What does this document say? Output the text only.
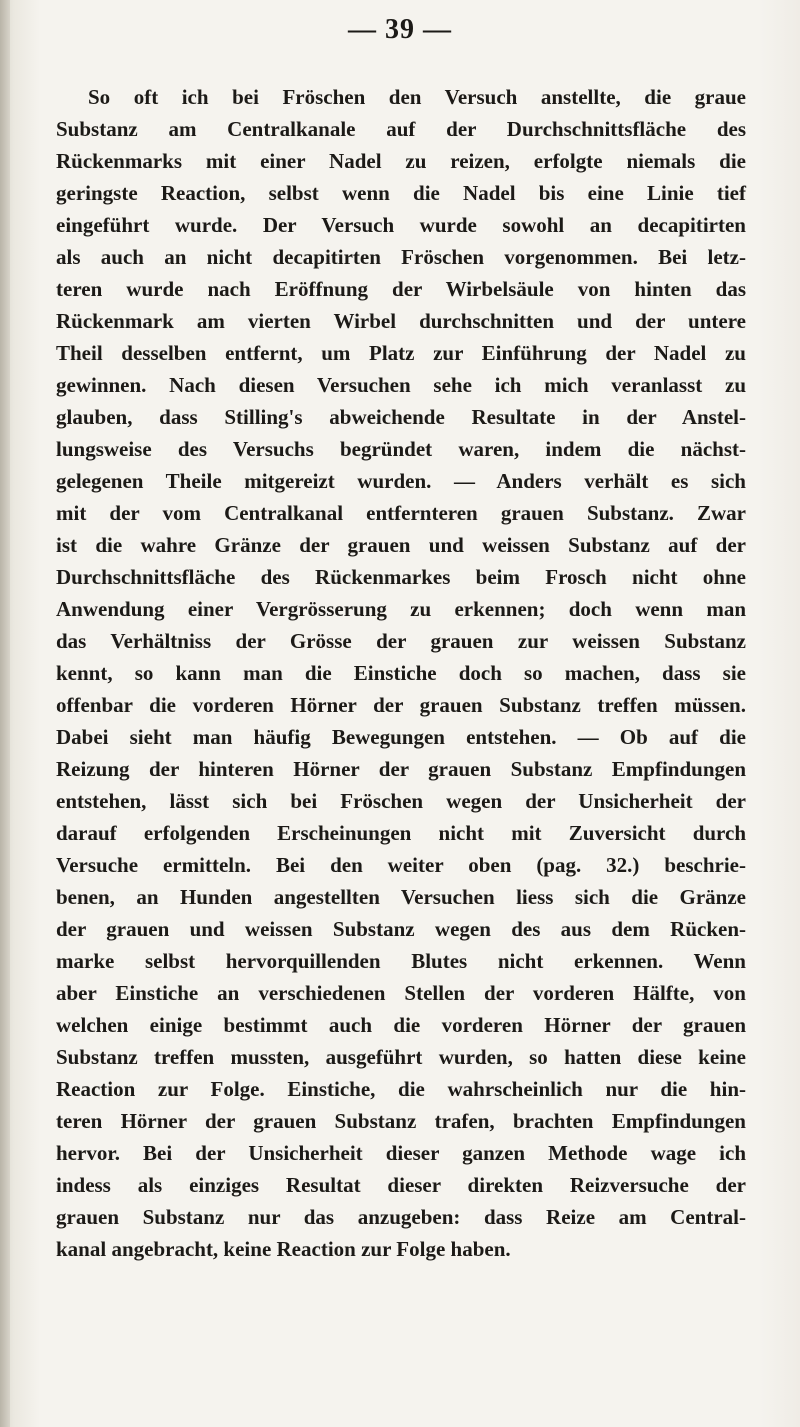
— 39 —
So oft ich bei Fröschen den Versuch anstellte, die graue
Substanz am Centralkanale auf der Durchschnittsfläche des
Rückenmarks mit einer Nadel zu reizen, erfolgte niemals die
geringste Reaction, selbst wenn die Nadel bis eine Linie tief
eingeführt wurde. Der Versuch wurde sowohl an decapitirten
als auch an nicht decapitirten Fröschen vorgenommen. Bei letz-
teren wurde nach Eröffnung der Wirbelsäule von hinten das
Rückenmark am vierten Wirbel durchschnitten und der untere
Theil desselben entfernt, um Platz zur Einführung der Nadel zu
gewinnen. Nach diesen Versuchen sehe ich mich veranlasst zu
glauben, dass Stilling's abweichende Resultate in der Anstel-
lungsweise des Versuchs begründet waren, indem die nächst-
gelegenen Theile mitgereizt wurden. — Anders verhält es sich
mit der vom Centralkanal entfernteren grauen Substanz. Zwar
ist die wahre Gränze der grauen und weissen Substanz auf der
Durchschnittsfläche des Rückenmarkes beim Frosch nicht ohne
Anwendung einer Vergrösserung zu erkennen; doch wenn man
das Verhältniss der Grösse der grauen zur weissen Substanz
kennt, so kann man die Einstiche doch so machen, dass sie
offenbar die vorderen Hörner der grauen Substanz treffen müssen.
Dabei sieht man häufig Bewegungen entstehen. — Ob auf die
Reizung der hinteren Hörner der grauen Substanz Empfindungen
entstehen, lässt sich bei Fröschen wegen der Unsicherheit der
darauf erfolgenden Erscheinungen nicht mit Zuversicht durch
Versuche ermitteln. Bei den weiter oben (pag. 32.) beschrie-
benen, an Hunden angestellten Versuchen liess sich die Gränze
der grauen und weissen Substanz wegen des aus dem Rücken-
marke selbst hervorquillenden Blutes nicht erkennen. Wenn
aber Einstiche an verschiedenen Stellen der vorderen Hälfte, von
welchen einige bestimmt auch die vorderen Hörner der grauen
Substanz treffen mussten, ausgeführt wurden, so hatten diese keine
Reaction zur Folge. Einstiche, die wahrscheinlich nur die hin-
teren Hörner der grauen Substanz trafen, brachten Empfindungen
hervor. Bei der Unsicherheit dieser ganzen Methode wage ich
indess als einziges Resultat dieser direkten Reizversuche der
grauen Substanz nur das anzugeben: dass Reize am Central-
kanal angebracht, keine Reaction zur Folge haben.
